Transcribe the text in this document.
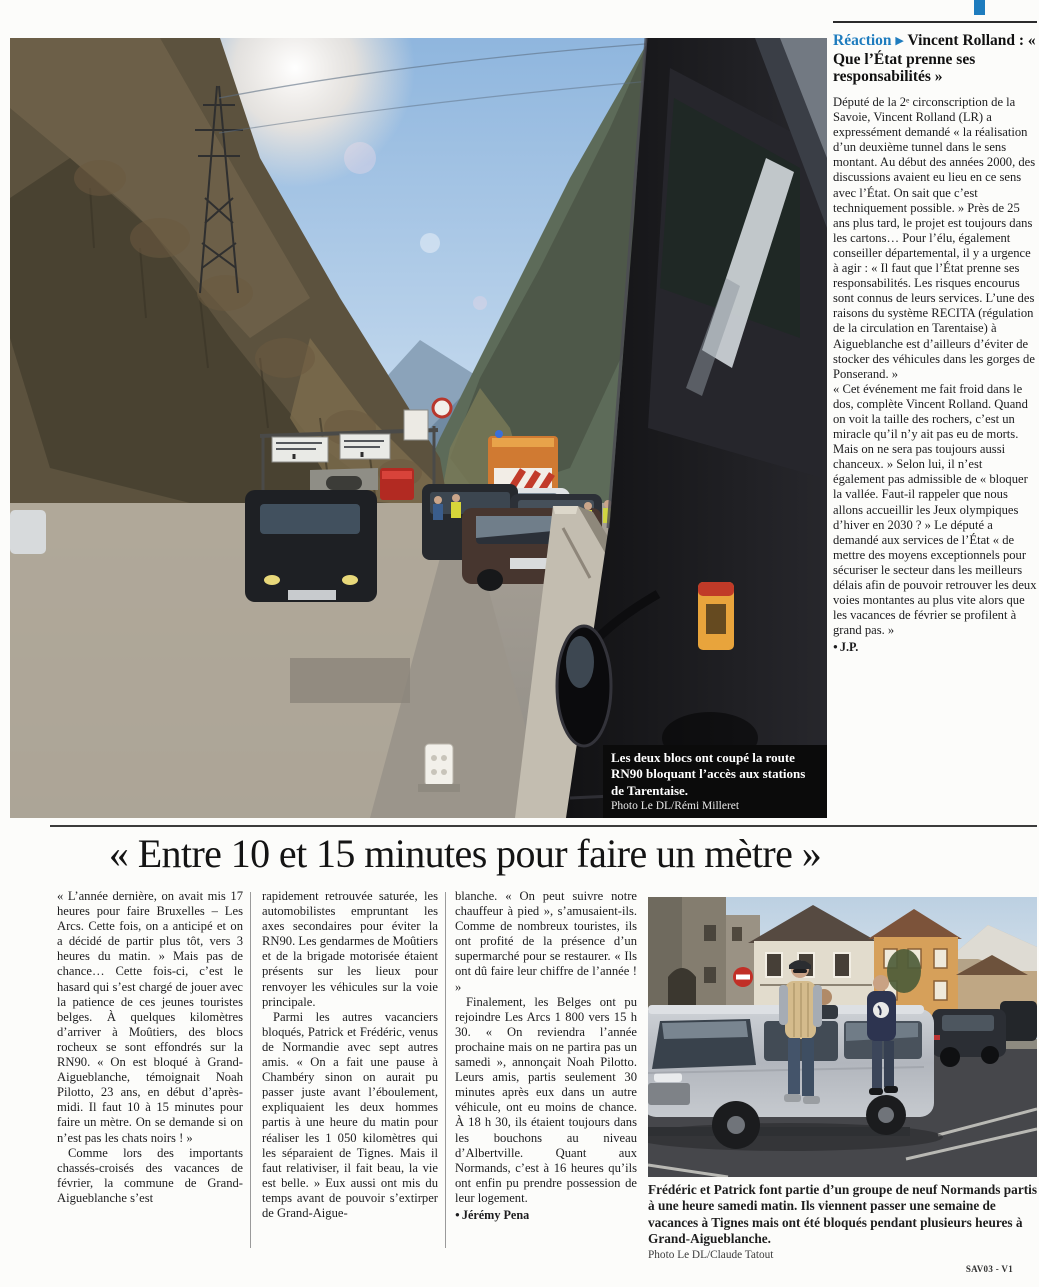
Les deux blocs ont coupé la route RN90 bloquant l’accès aux stations de Tarentaise.
Photo Le DL/Rémi Milleret
Réaction ▶ Vincent Rolland : « Que l’État prenne ses responsabilités »

Député de la 2ᵉ circonscription de la Savoie, Vincent Rolland (LR) a expressément demandé « la réalisation d’un deuxième tunnel dans le sens montant. Au début des années 2000, des discussions avaient eu lieu en ce sens avec l’État. On sait que c’est techniquement possible. » Près de 25 ans plus tard, le projet est toujours dans les cartons… Pour l’élu, également conseiller départemental, il y a urgence à agir : « Il faut que l’État prenne ses responsabilités. Les risques encourus sont connus de leurs services. L’une des raisons du système RECITA (régulation de la circulation en Tarentaise) à Aigueblanche est d’ailleurs d’éviter de stocker des véhicules dans les gorges de Ponserand. »

« Cet événement me fait froid dans le dos, complète Vincent Rolland. Quand on voit la taille des rochers, c’est un miracle qu’il n’y ait pas eu de morts. Mais on ne sera pas toujours aussi chanceux. » Selon lui, il n’est également pas admissible de « bloquer la vallée. Faut-il rappeler que nous allons accueillir les Jeux olympiques d’hiver en 2030 ? » Le député a demandé aux services de l’État « de mettre des moyens exceptionnels pour sécuriser le secteur dans les meilleurs délais afin de pouvoir retrouver les deux voies montantes au plus vite alors que les vacances de février se profilent à grand pas. »

● J.P.
« Entre 10 et 15 minutes pour faire un mètre »

« L’année dernière, on avait mis 17 heures pour faire Bruxelles – Les Arcs. Cette fois, on a anticipé et on a décidé de partir plus tôt, vers 3 heures du matin. » Mais pas de chance… Cette fois-ci, c’est le hasard qui s’est chargé de jouer avec la patience de ces jeunes touristes belges. À quelques kilomètres d’arriver à Moûtiers, des blocs rocheux se sont effondrés sur la RN90. « On est bloqué à Grand-Aigueblanche, témoignait Noah Pilotto, 23 ans, en début d’après-midi. Il faut 10 à 15 minutes pour faire un mètre. On se demande si on n’est pas les chats noirs ! »

Comme lors des importants chassés-croisés des vacances de février, la commune de Grand-Aigueblanche s’est

rapidement retrouvée saturée, les automobilistes empruntant les axes secondaires pour éviter la RN90. Les gendarmes de Moûtiers et de la brigade motorisée étaient présents sur les lieux pour renvoyer les véhicules sur la voie principale.

Parmi les autres vacanciers bloqués, Patrick et Frédéric, venus de Normandie avec sept autres amis. « On a fait une pause à Chambéry sinon on aurait pu passer juste avant l’éboulement, expliquaient les deux hommes partis à une heure du matin pour réaliser les 1 050 kilomètres qui les séparaient de Tignes. Mais il faut relativiser, il fait beau, la vie est belle. » Eux aussi ont mis du temps avant de pouvoir s’extirper de Grand-Aigue-

blanche. « On peut suivre notre chauffeur à pied », s’amusaient-ils. Comme de nombreux touristes, ils ont profité de la présence d’un supermarché pour se restaurer. « Ils ont dû faire leur chiffre de l’année ! »

Finalement, les Belges ont pu rejoindre Les Arcs 1 800 vers 15 h 30. « On reviendra l’année prochaine mais on ne partira pas un samedi », annonçait Noah Pilotto. Leurs amis, partis seulement 30 minutes après eux dans un autre véhicule, ont eu moins de chance. À 18 h 30, ils étaient toujours dans les bouchons au niveau d’Albertville. Quant aux Normands, c’est à 16 heures qu’ils ont enfin pu prendre possession de leur logement.

● Jérémy Pena
Frédéric et Patrick font partie d’un groupe de neuf Normands partis à une heure samedi matin. Ils viennent passer une semaine de vacances à Tignes mais ont été bloqués pendant plusieurs heures à Grand-Aigueblanche.
Photo Le DL/Claude Tatout
SAV03 - V1
